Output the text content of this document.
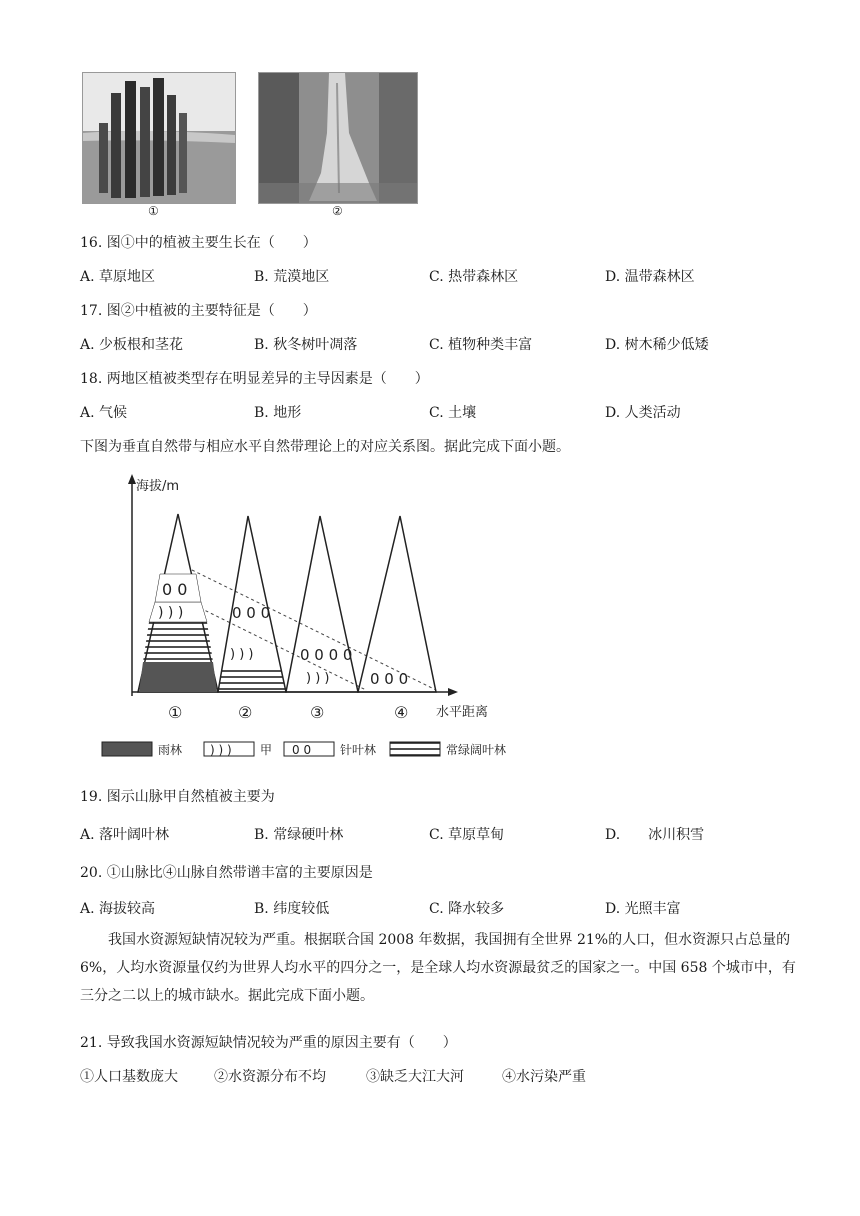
①	②
16. 图①中的植被主要生长在（　　）
A. 草原地区	B. 荒漠地区	C. 热带森林区	D. 温带森林区
17. 图②中植被的主要特征是（　　）
A. 少板根和茎花	B. 秋冬树叶凋落	C. 植物种类丰富	D. 树木稀少低矮
18. 两地区植被类型存在明显差异的主导因素是（　　）
A. 气候	B. 地形	C. 土壤	D. 人类活动
下图为垂直自然带与相应水平自然带理论上的对应关系图。据此完成下面小题。
海拔/m
水平距离
) ) )
0 0
) ) )
0 0 0
) ) )
0 0 0 0
0 0 0
①	②	③	④
雨林 ) ) ) 甲 0 0 针叶林	常绿阔叶林
19. 图示山脉甲自然植被主要为
A. 落叶阔叶林	B. 常绿硬叶林	C. 草原草甸	D.　　冰川积雪
20. ①山脉比④山脉自然带谱丰富的主要原因是
A. 海拔较高	B. 纬度较低	C. 降水较多	D. 光照丰富
我国水资源短缺情况较为严重。根据联合国 2008 年数据，我国拥有全世界 21%的人口，但水资源只占总量的 6%，人均水资源量仅约为世界人均水平的四分之一，是全球人均水资源最贫乏的国家之一。中国 658 个城市中，有三分之二以上的城市缺水。据此完成下面小题。
21. 导致我国水资源短缺情况较为严重的原因主要有（　　）
①人口基数庞大	②水资源分布不均	③缺乏大江大河	④水污染严重
